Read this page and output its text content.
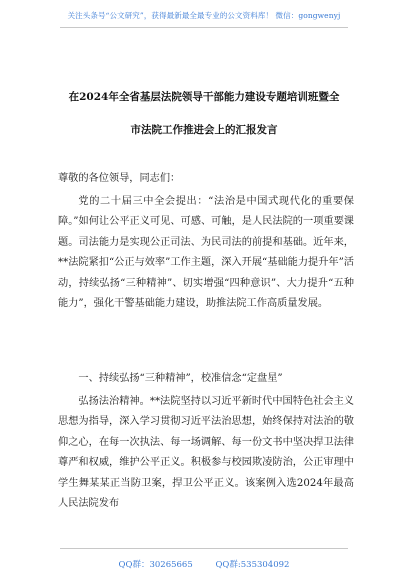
关注头条号“公文研究”，获得最新最全最专业的公文资料库！ 微信：gongwenyj
在2024年全省基层法院领导干部能力建设专题培训班暨全
市法院工作推进会上的汇报发言
尊敬的各位领导，同志们：
党的二十届三中全会提出：“法治是中国式现代化的重要保障。”如何让公平正义可见、可感、可触，是人民法院的一项重要课题。司法能力是实现公正司法、为民司法的前提和基础。近年来，**法院紧扣“公正与效率”工作主题，深入开展“基础能力提升年”活动，持续弘扬“三种精神”、切实增强“四种意识”、大力提升“五种能力”，强化干警基础能力建设，助推法院工作高质量发展。
一、持续弘扬“三种精神”，校准信念“定盘星”
弘扬法治精神。**法院坚持以习近平新时代中国特色社会主义思想为指导，深入学习贯彻习近平法治思想，始终保持对法治的敬仰之心，在每一次执法、每一场调解、每一份文书中坚决捍卫法律尊严和权威，维护公平正义。积极参与校园欺凌防治，公正审理中学生舞某某正当防卫案，捍卫公平正义。该案例入选2024年最高人民法院发布
QQ群：30265665	QQ群:535304092
